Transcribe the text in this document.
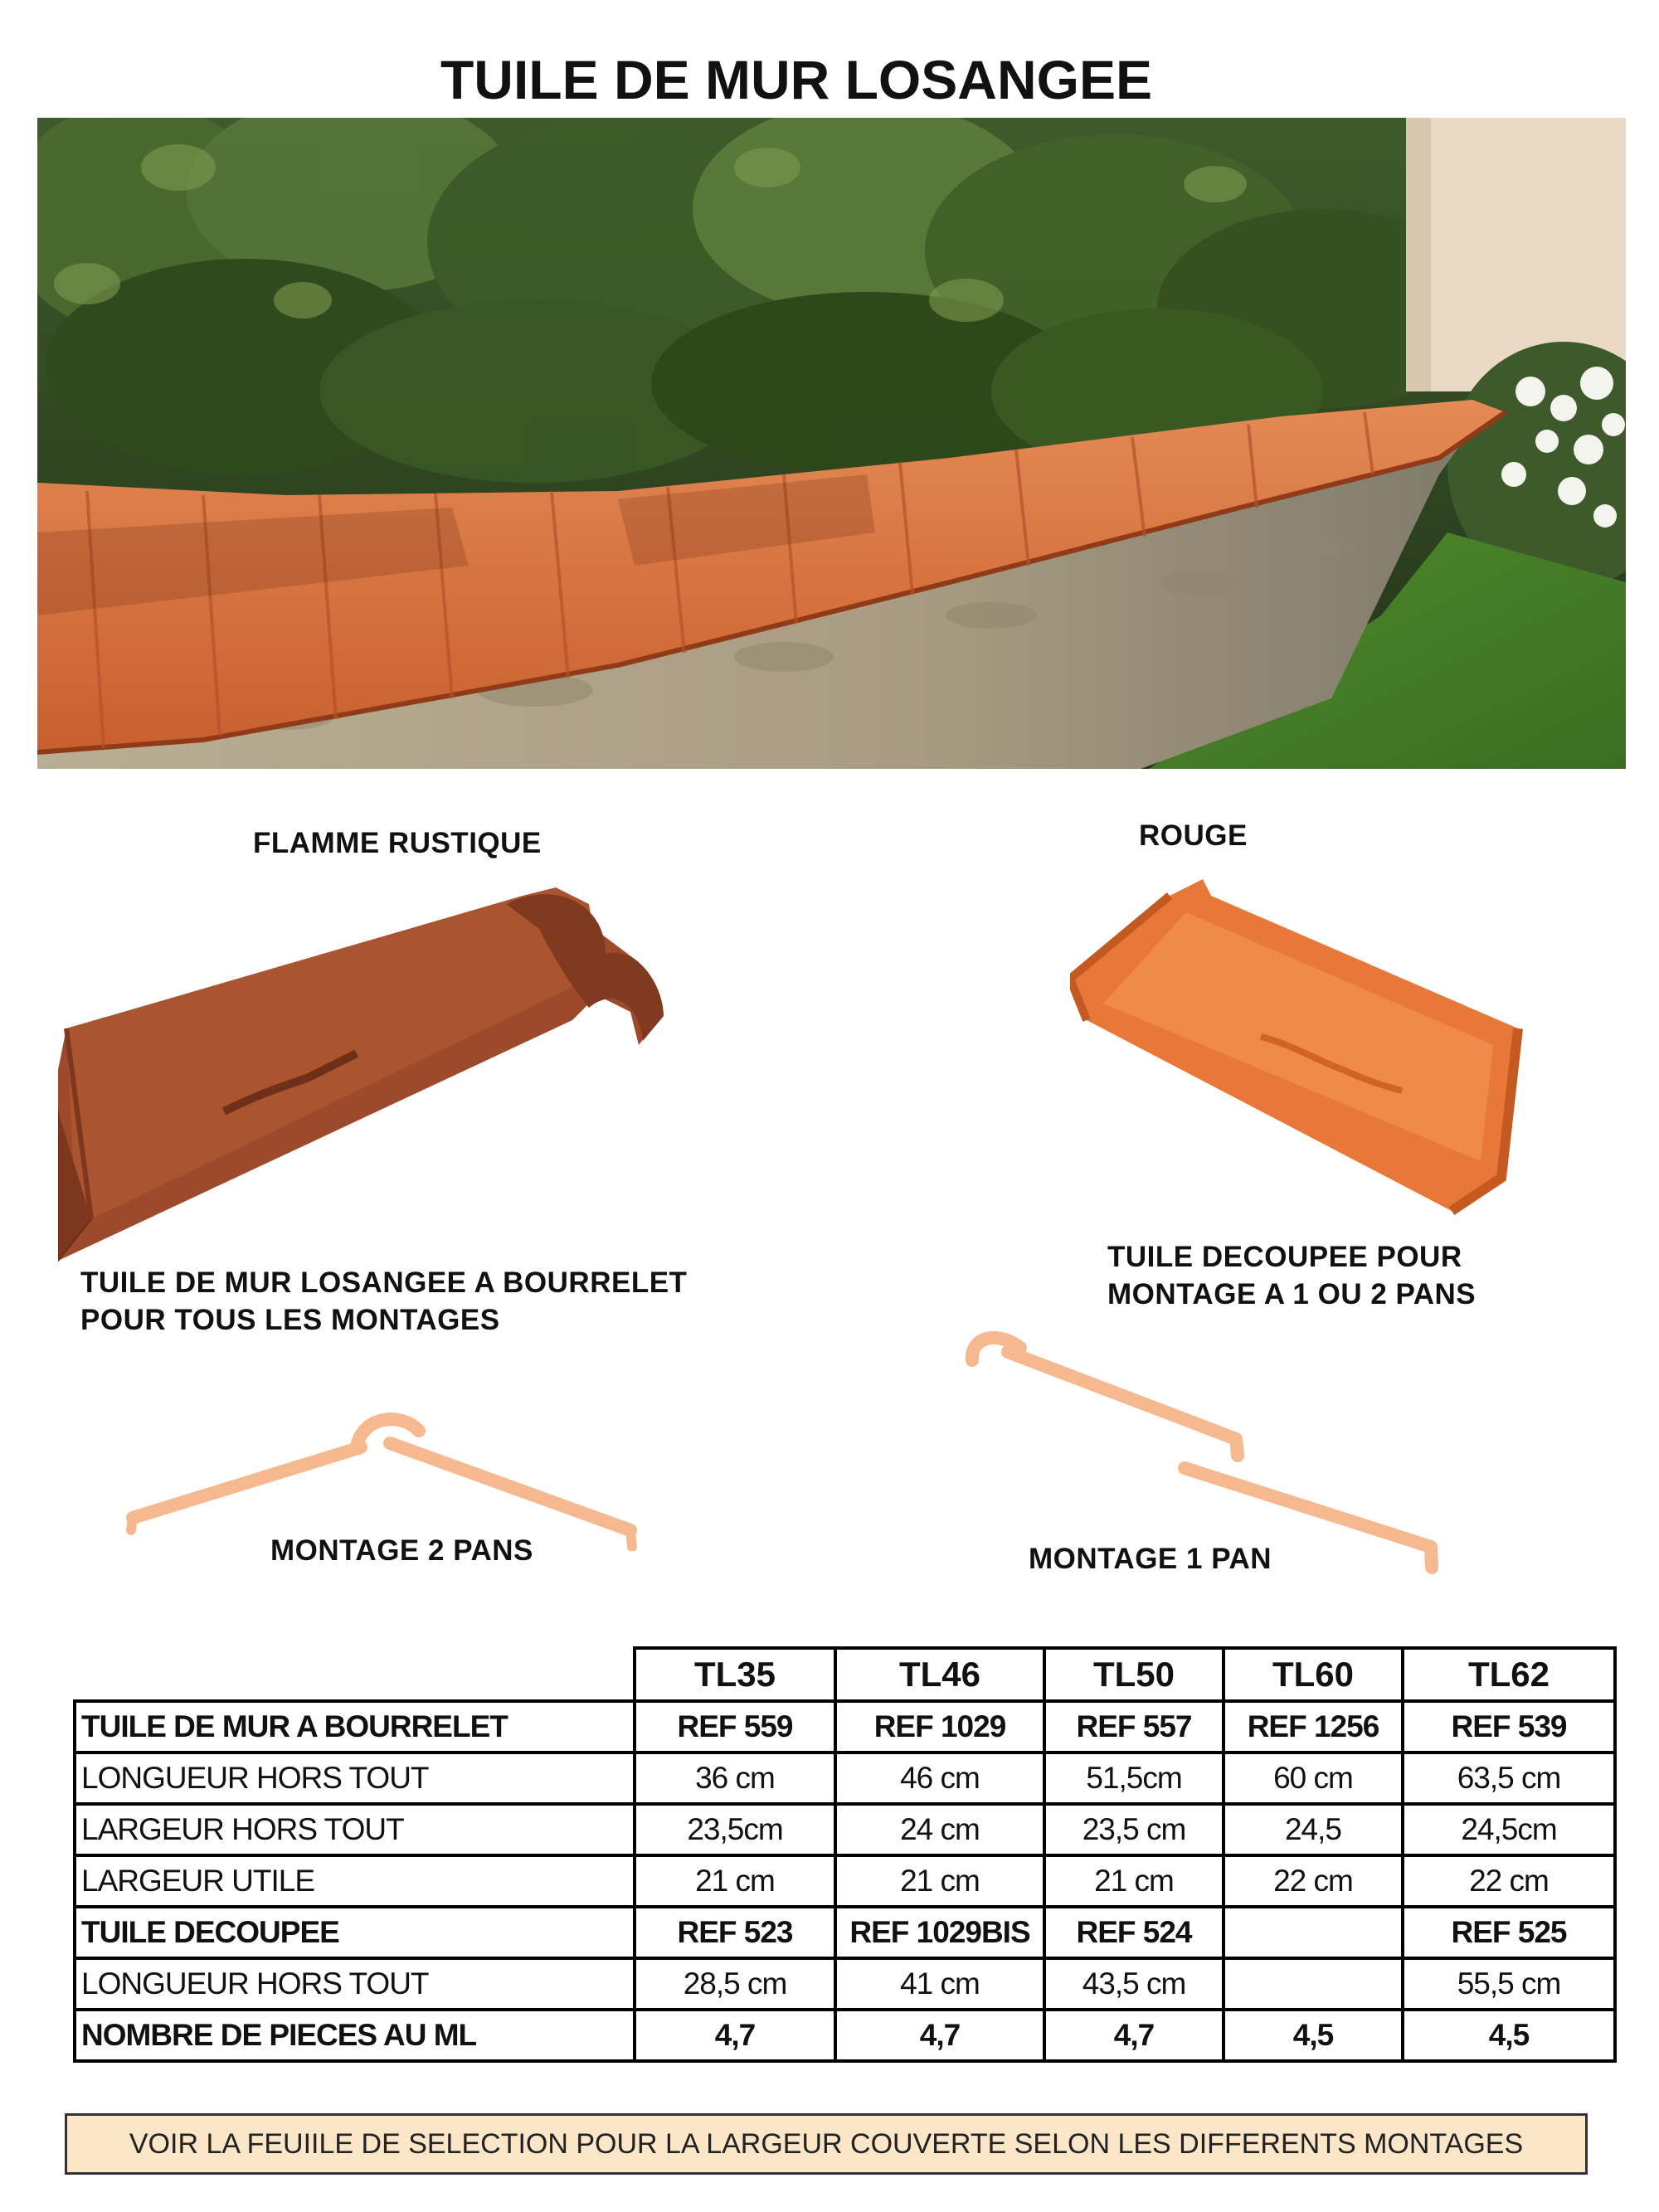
TUILE DE MUR LOSANGEE
FLAMME RUSTIQUE
TUILE DE MUR LOSANGEE A BOURRELET
POUR TOUS LES MONTAGES
ROUGE
TUILE DECOUPEE POUR
MONTAGE A 1 OU 2 PANS
MONTAGE 2 PANS	MONTAGE 1 PAN
	TL35	TL46	TL50	TL60	TL62
TUILE DE MUR A BOURRELET	REF 559	REF 1029	REF 557	REF 1256	REF 539
LONGUEUR HORS TOUT	36 cm	46 cm	51,5cm	60 cm	63,5 cm
LARGEUR HORS TOUT	23,5cm	24 cm	23,5 cm	24,5	24,5cm
LARGEUR UTILE	21 cm	21 cm	21 cm	22 cm	22 cm
TUILE DECOUPEE	REF 523	REF 1029BIS	REF 524		REF 525
LONGUEUR HORS TOUT	28,5 cm	41 cm	43,5 cm		55,5 cm
NOMBRE DE PIECES AU ML	4,7	4,7	4,7	4,5	4,5
VOIR LA FEUIILE DE SELECTION POUR LA LARGEUR COUVERTE SELON LES DIFFERENTS MONTAGES
